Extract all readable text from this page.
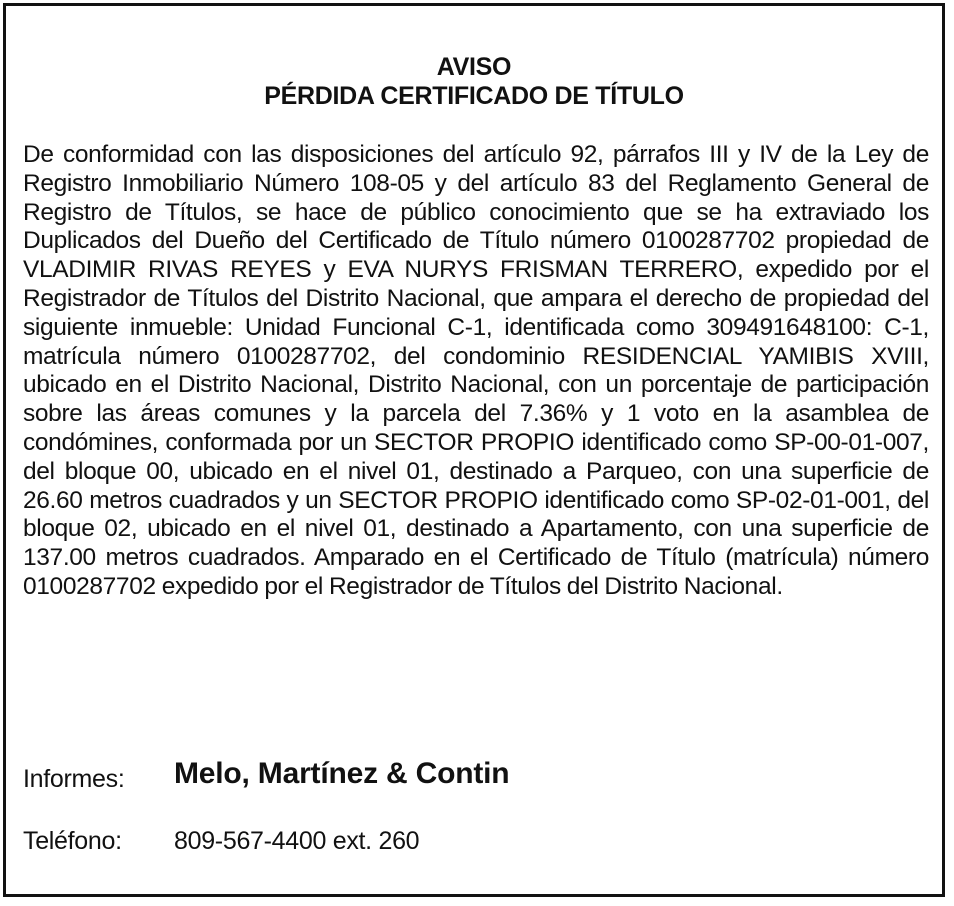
AVISO
PÉRDIDA CERTIFICADO DE TÍTULO

De conformidad con las disposiciones del artículo 92, párrafos III y IV de la Ley de Registro Inmobiliario Número 108-05 y del artículo 83 del Reglamento General de Registro de Títulos, se hace de público conocimiento que se ha extraviado los Duplicados del Dueño del Certificado de Título número 0100287702 propiedad de VLADIMIR RIVAS REYES y EVA NURYS FRISMAN TERRERO, expedido por el Registrador de Títulos del Distrito Nacional, que ampara el derecho de propiedad del siguiente inmueble: Unidad Funcional C-1, identificada como 309491648100: C-1, matrícula número 0100287702, del condominio RESIDENCIAL YAMIBIS XVIII, ubicado en el Distrito Nacional, Distrito Nacional, con un porcentaje de participación sobre las áreas comunes y la parcela del 7.36% y 1 voto en la asamblea de condómines, conformada por un SECTOR PROPIO identificado como SP-00-01-007, del bloque 00, ubicado en el nivel 01, destinado a Parqueo, con una superficie de 26.60 metros cuadrados y un SECTOR PROPIO identificado como SP-02-01-001, del bloque 02, ubicado en el nivel 01, destinado a Apartamento, con una superficie de 137.00 metros cuadrados. Amparado en el Certificado de Título (matrícula) número 0100287702 expedido por el Registrador de Títulos del Distrito Nacional.

Informes: Melo, Martínez & Contin
Teléfono: 809-567-4400 ext. 260
